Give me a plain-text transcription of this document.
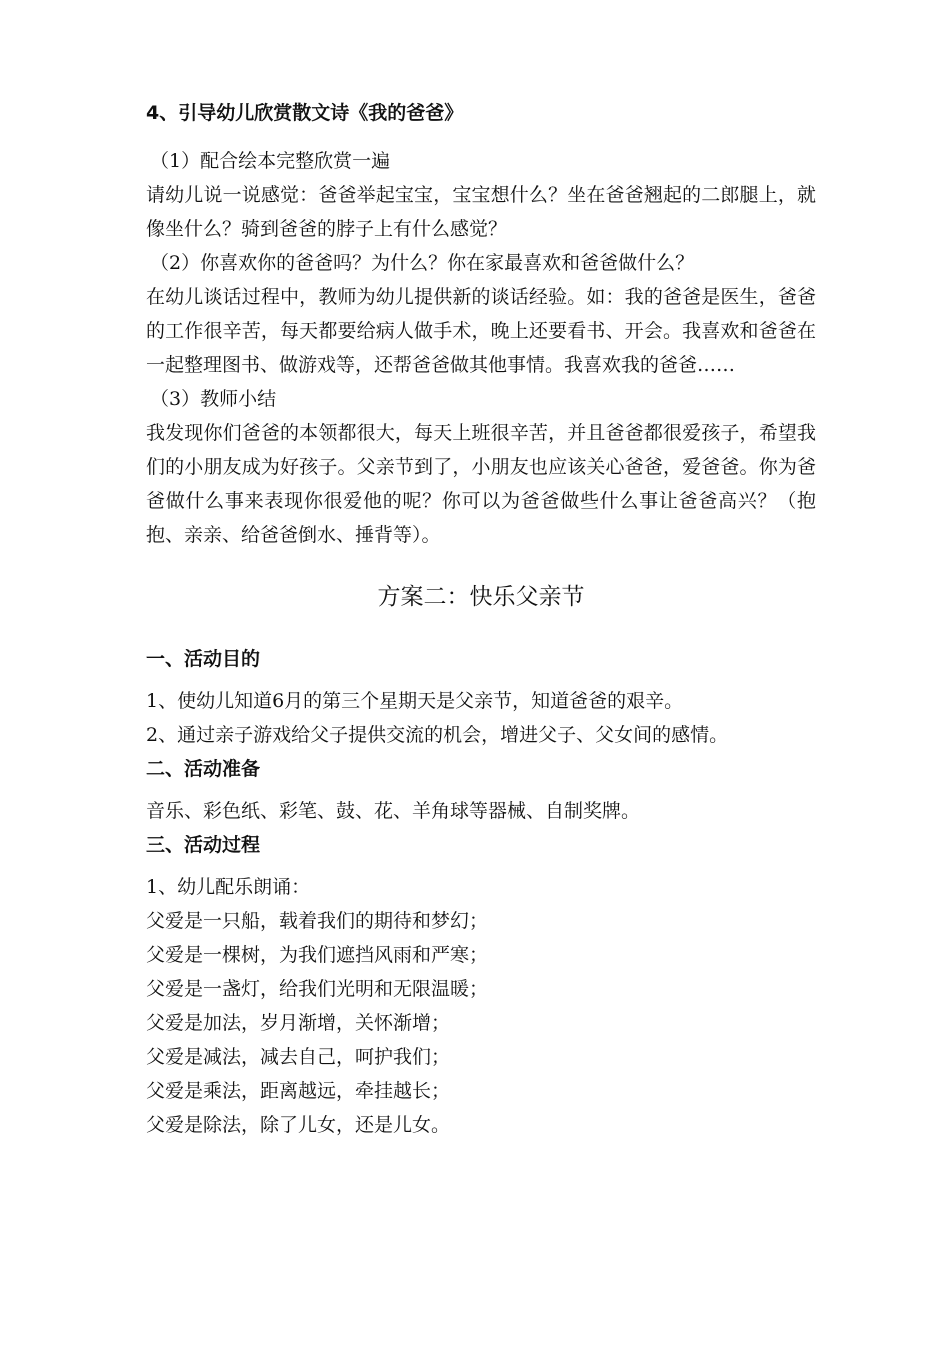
4、引导幼儿欣赏散文诗《我的爸爸》

（1）配合绘本完整欣赏一遍

请幼儿说一说感觉：爸爸举起宝宝，宝宝想什么？坐在爸爸翘起的二郎腿上，就像坐什么？骑到爸爸的脖子上有什么感觉？

（2）你喜欢你的爸爸吗？为什么？你在家最喜欢和爸爸做什么？

在幼儿谈话过程中，教师为幼儿提供新的谈话经验。如：我的爸爸是医生，爸爸的工作很辛苦，每天都要给病人做手术，晚上还要看书、开会。我喜欢和爸爸在一起整理图书、做游戏等，还帮爸爸做其他事情。我喜欢我的爸爸……

（3）教师小结

我发现你们爸爸的本领都很大，每天上班很辛苦，并且爸爸都很爱孩子，希望我们的小朋友成为好孩子。父亲节到了，小朋友也应该关心爸爸，爱爸爸。你为爸爸做什么事来表现你很爱他的呢？你可以为爸爸做些什么事让爸爸高兴？（抱抱、亲亲、给爸爸倒水、捶背等）。

方案二：快乐父亲节

一、活动目的

1、使幼儿知道6月的第三个星期天是父亲节，知道爸爸的艰辛。

2、通过亲子游戏给父子提供交流的机会，增进父子、父女间的感情。

二、活动准备

音乐、彩色纸、彩笔、鼓、花、羊角球等器械、自制奖牌。

三、活动过程

1、幼儿配乐朗诵：

父爱是一只船，载着我们的期待和梦幻；

父爱是一棵树，为我们遮挡风雨和严寒；

父爱是一盏灯，给我们光明和无限温暖；

父爱是加法，岁月渐增，关怀渐增；

父爱是减法，减去自己，呵护我们；

父爱是乘法，距离越远，牵挂越长；

父爱是除法，除了儿女，还是儿女。
